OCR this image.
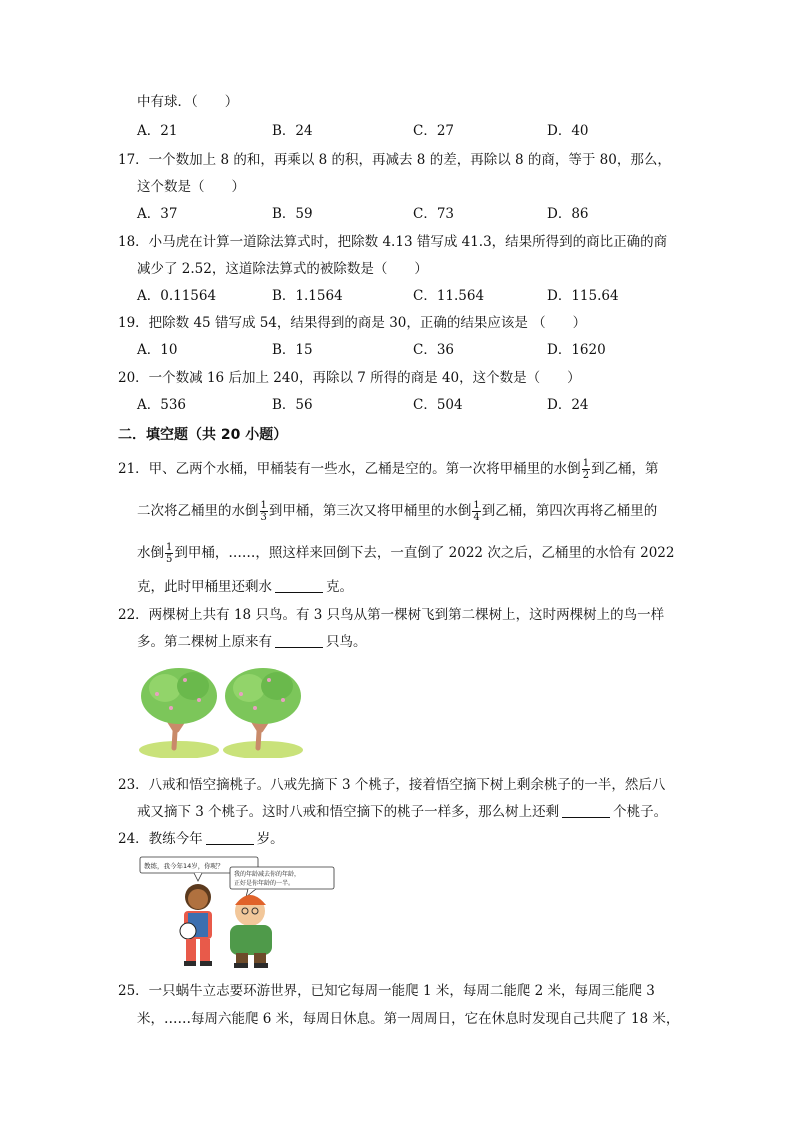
中有球．（　　）
A．21	B．24	C．27	D．40
17．一个数加上 8 的和，再乘以 8 的积，再减去 8 的差，再除以 8 的商，等于 80，那么，
这个数是（　　）
A．37	B．59	C．73	D．86
18．小马虎在计算一道除法算式时，把除数 4.13 错写成 41.3，结果所得到的商比正确的商
减少了 2.52，这道除法算式的被除数是（　　）
A．0.11564	B．1.1564	C．11.564	D．115.64
19．把除数 45 错写成 54，结果得到的商是 30，正确的结果应该是 （　　）
A．10	B．15	C．36	D．1620
20．一个数减 16 后加上 240，再除以 7 所得的商是 40，这个数是（　　）
A．536	B．56	C．504	D．24
二．填空题（共 20 小题）
21．甲、乙两个水桶，甲桶装有一些水，乙桶是空的。第一次将甲桶里的水倒 $\frac{1}{2}$ 到乙桶，第
二次将乙桶里的水倒 $\frac{1}{3}$ 到甲桶，第三次又将甲桶里的水倒 $\frac{1}{4}$ 到乙桶，第四次再将乙桶里的
水倒 $\frac{1}{5}$ 到甲桶，……，照这样来回倒下去，一直倒了 2022 次之后，乙桶里的水恰有 2022
克，此时甲桶里还剩水	克。
22．两棵树上共有 18 只鸟。有 3 只鸟从第一棵树飞到第二棵树上，这时两棵树上的鸟一样
多。第二棵树上原来有	只鸟。
23．八戒和悟空摘桃子。八戒先摘下 3 个桃子，接着悟空摘下树上剩余桃子的一半，然后八
戒又摘下 3 个桃子。这时八戒和悟空摘下的桃子一样多，那么树上还剩	个桃子。
24．教练今年	岁。
教练，我今年14岁，你呢？
我的年龄减去你的年龄，
正好是你年龄的一半。
25．一只蜗牛立志要环游世界，已知它每周一能爬 1 米，每周二能爬 2 米，每周三能爬 3
米，……每周六能爬 6 米，每周日休息。第一周周日，它在休息时发现自己共爬了 18 米，
